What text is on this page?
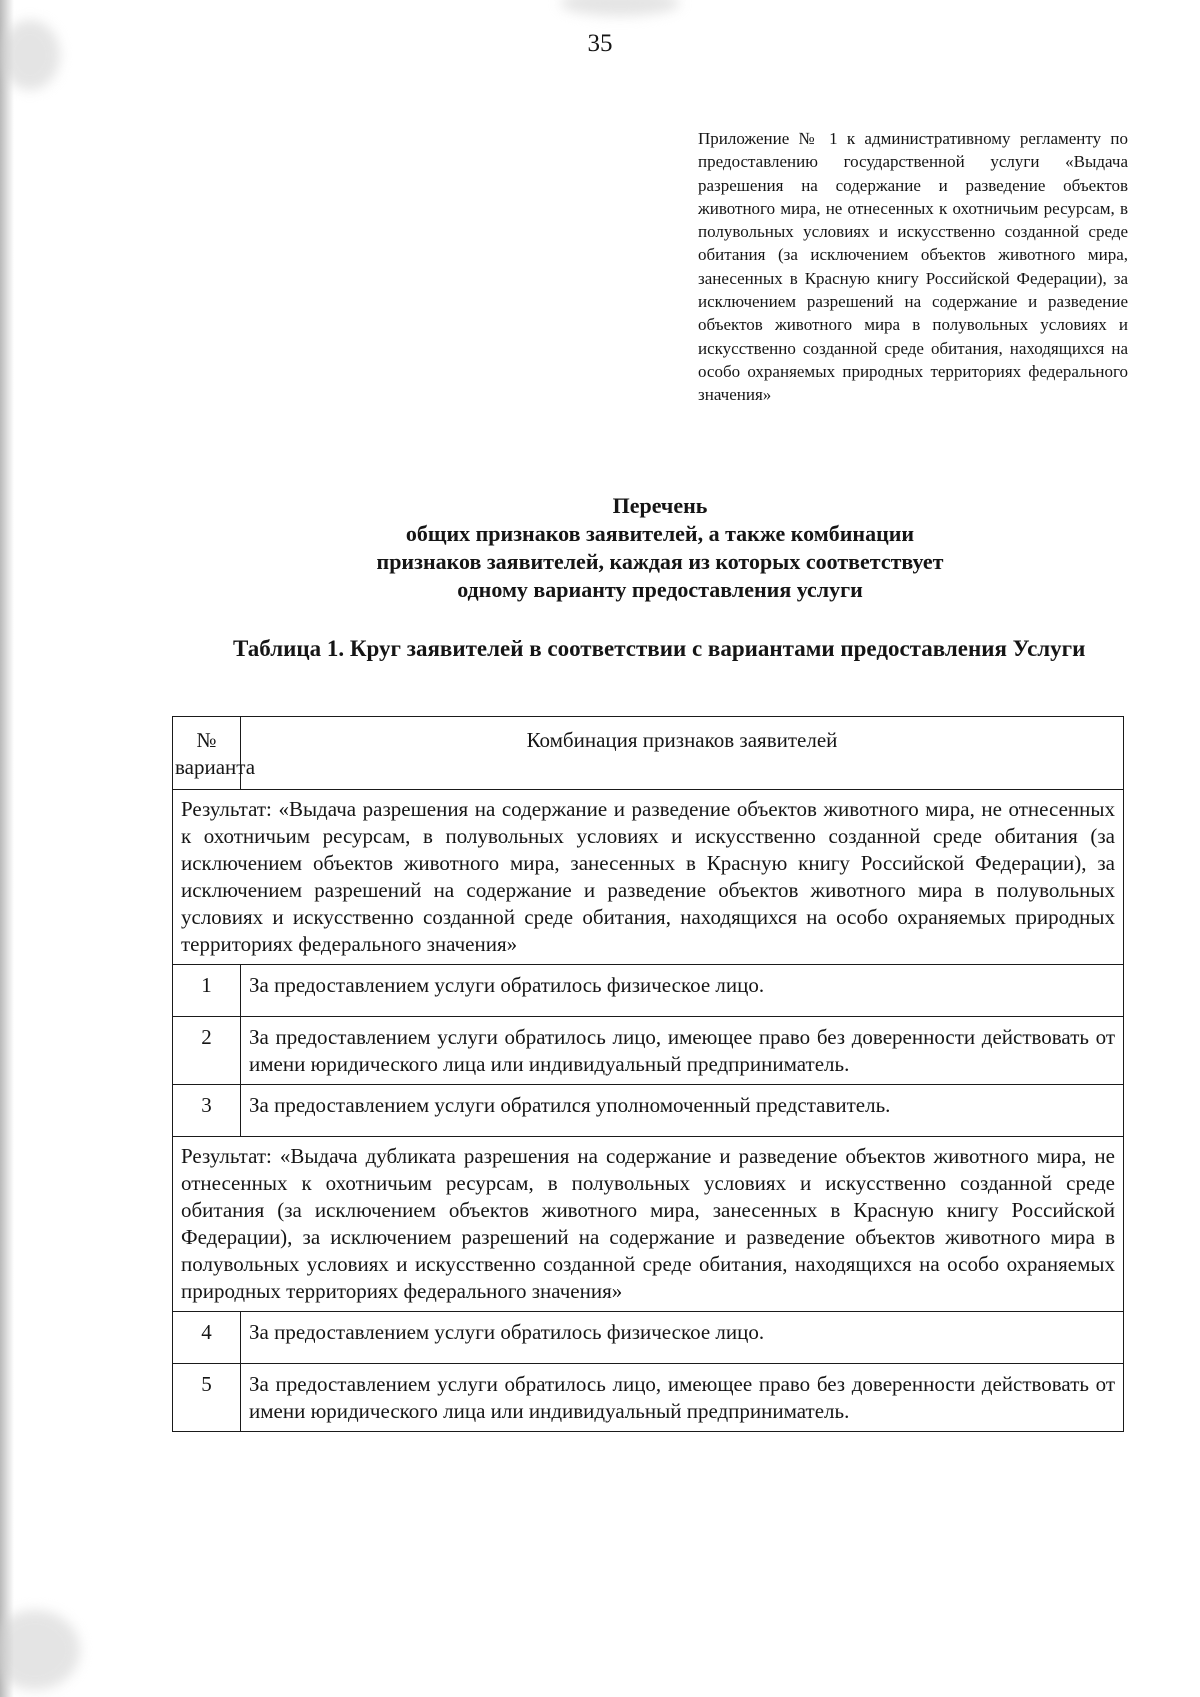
35
Приложение № 1 к административному регламенту по предоставлению государственной услуги «Выдача разрешения на содержание и разведение объектов животного мира, не отнесенных к охотничьим ресурсам, в полувольных условиях и искусственно созданной среде обитания (за исключением объектов животного мира, занесенных в Красную книгу Российской Федерации), за исключением разрешений на содержание и разведение объектов животного мира в полувольных условиях и искусственно созданной среде обитания, находящихся на особо охраняемых природных территориях федерального значения»
Перечень
общих признаков заявителей, а также комбинации
признаков заявителей, каждая из которых соответствует
одному варианту предоставления услуги
Таблица 1. Круг заявителей в соответствии с вариантами предоставления Услуги
№ варианта	Комбинация признаков заявителей
Результат: «Выдача разрешения на содержание и разведение объектов животного мира, не отнесенных к охотничьим ресурсам, в полувольных условиях и искусственно созданной среде обитания (за исключением объектов животного мира, занесенных в Красную книгу Российской Федерации), за исключением разрешений на содержание и разведение объектов животного мира в полувольных условиях и искусственно созданной среде обитания, находящихся на особо охраняемых природных территориях федерального значения»	
1	За предоставлением услуги обратилось физическое лицо.
2	За предоставлением услуги обратилось лицо, имеющее право без доверенности действовать от имени юридического лица или индивидуальный предприниматель.
3	За предоставлением услуги обратился уполномоченный представитель.
Результат: «Выдача дубликата разрешения на содержание и разведение объектов животного мира, не отнесенных к охотничьим ресурсам, в полувольных условиях и искусственно созданной среде обитания (за исключением объектов животного мира, занесенных в Красную книгу Российской Федерации), за исключением разрешений на содержание и разведение объектов животного мира в полувольных условиях и искусственно созданной среде обитания, находящихся на особо охраняемых природных территориях федерального значения»	
4	За предоставлением услуги обратилось физическое лицо.
5	За предоставлением услуги обратилось лицо, имеющее право без доверенности действовать от имени юридического лица или индивидуальный предприниматель.
